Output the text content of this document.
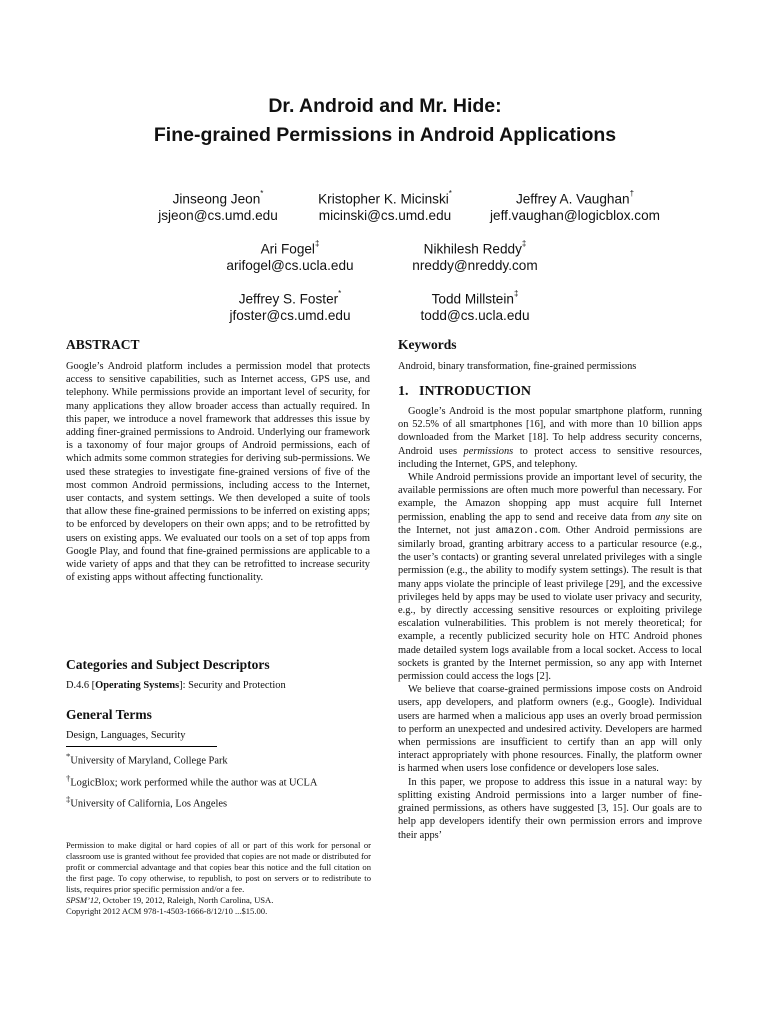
Dr. Android and Mr. Hide:
Fine-grained Permissions in Android Applications
Jinseong Jeon*
jsjeon@cs.umd.edu
Kristopher K. Micinski*
micinski@cs.umd.edu
Jeffrey A. Vaughan†
jeff.vaughan@logicblox.com
Ari Fogel‡
arifogel@cs.ucla.edu
Nikhilesh Reddy‡
nreddy@nreddy.com
Jeffrey S. Foster*
jfoster@cs.umd.edu
Todd Millstein‡
todd@cs.ucla.edu
ABSTRACT

Google’s Android platform includes a permission model that protects access to sensitive capabilities, such as Internet access, GPS use, and telephony. While permissions provide an important level of security, for many applications they allow broader access than actually required. In this paper, we introduce a novel framework that addresses this issue by adding finer-grained permissions to Android. Underlying our framework is a taxonomy of four major groups of Android permissions, each of which admits some common strategies for deriving sub-permissions. We used these strategies to investigate fine-grained versions of five of the most common Android permissions, including access to the Internet, user contacts, and system settings. We then developed a suite of tools that allow these fine-grained permissions to be inferred on existing apps; to be enforced by developers on their own apps; and to be retrofitted by users on existing apps. We evaluated our tools on a set of top apps from Google Play, and found that fine-grained permissions are applicable to a wide variety of apps and that they can be retrofitted to increase security of existing apps without affecting functionality.

Categories and Subject Descriptors
D.4.6 [Operating Systems]: Security and Protection
General Terms
Design, Languages, Security
*University of Maryland, College Park
†LogicBlox; work performed while the author was at UCLA
‡University of California, Los Angeles

Permission to make digital or hard copies of all or part of this work for personal or classroom use is granted without fee provided that copies are not made or distributed for profit or commercial advantage and that copies bear this notice and the full citation on the first page. To copy otherwise, to republish, to post on servers or to redistribute to lists, requires prior specific permission and/or a fee.

SPSM’12, October 19, 2012, Raleigh, North Carolina, USA.

Copyright 2012 ACM 978-1-4503-1666-8/12/10 ...$15.00.

Keywords
Android, binary transformation, fine-grained permissions
1.   INTRODUCTION

Google’s Android is the most popular smartphone platform, running on 52.5% of all smartphones [16], and with more than 10 billion apps downloaded from the Market [18]. To help address security concerns, Android uses permissions to protect access to sensitive resources, including the Internet, GPS, and telephony.

While Android permissions provide an important level of security, the available permissions are often much more powerful than necessary. For example, the Amazon shopping app must acquire full Internet permission, enabling the app to send and receive data from any site on the Internet, not just amazon.com. Other Android permissions are similarly broad, granting arbitrary access to a particular resource (e.g., the user’s contacts) or granting several unrelated privileges with a single permission (e.g., the ability to modify system settings). The result is that many apps violate the principle of least privilege [29], and the excessive privileges held by apps may be used to violate user privacy and security, e.g., by directly accessing sensitive resources or exploiting privilege escalation vulnerabilities. This problem is not merely theoretical; for example, a recently publicized security hole on HTC Android phones made detailed system logs available from a local socket. Access to local sockets is granted by the Internet permission, so any app with Internet permission could access the logs [2].

We believe that coarse-grained permissions impose costs on Android users, app developers, and platform owners (e.g., Google). Individual users are harmed when a malicious app uses an overly broad permission to perform an unexpected and undesired activity. Developers are harmed when permissions are insufficient to certify than an app will only interact appropriately with phone resources. Finally, the platform owner is harmed when users lose confidence or developers lose sales.

In this paper, we propose to address this issue in a natural way: by splitting existing Android permissions into a larger number of fine-grained permissions, as others have suggested [3, 15]. Our goals are to help app developers identify their own permission errors and improve their apps’
